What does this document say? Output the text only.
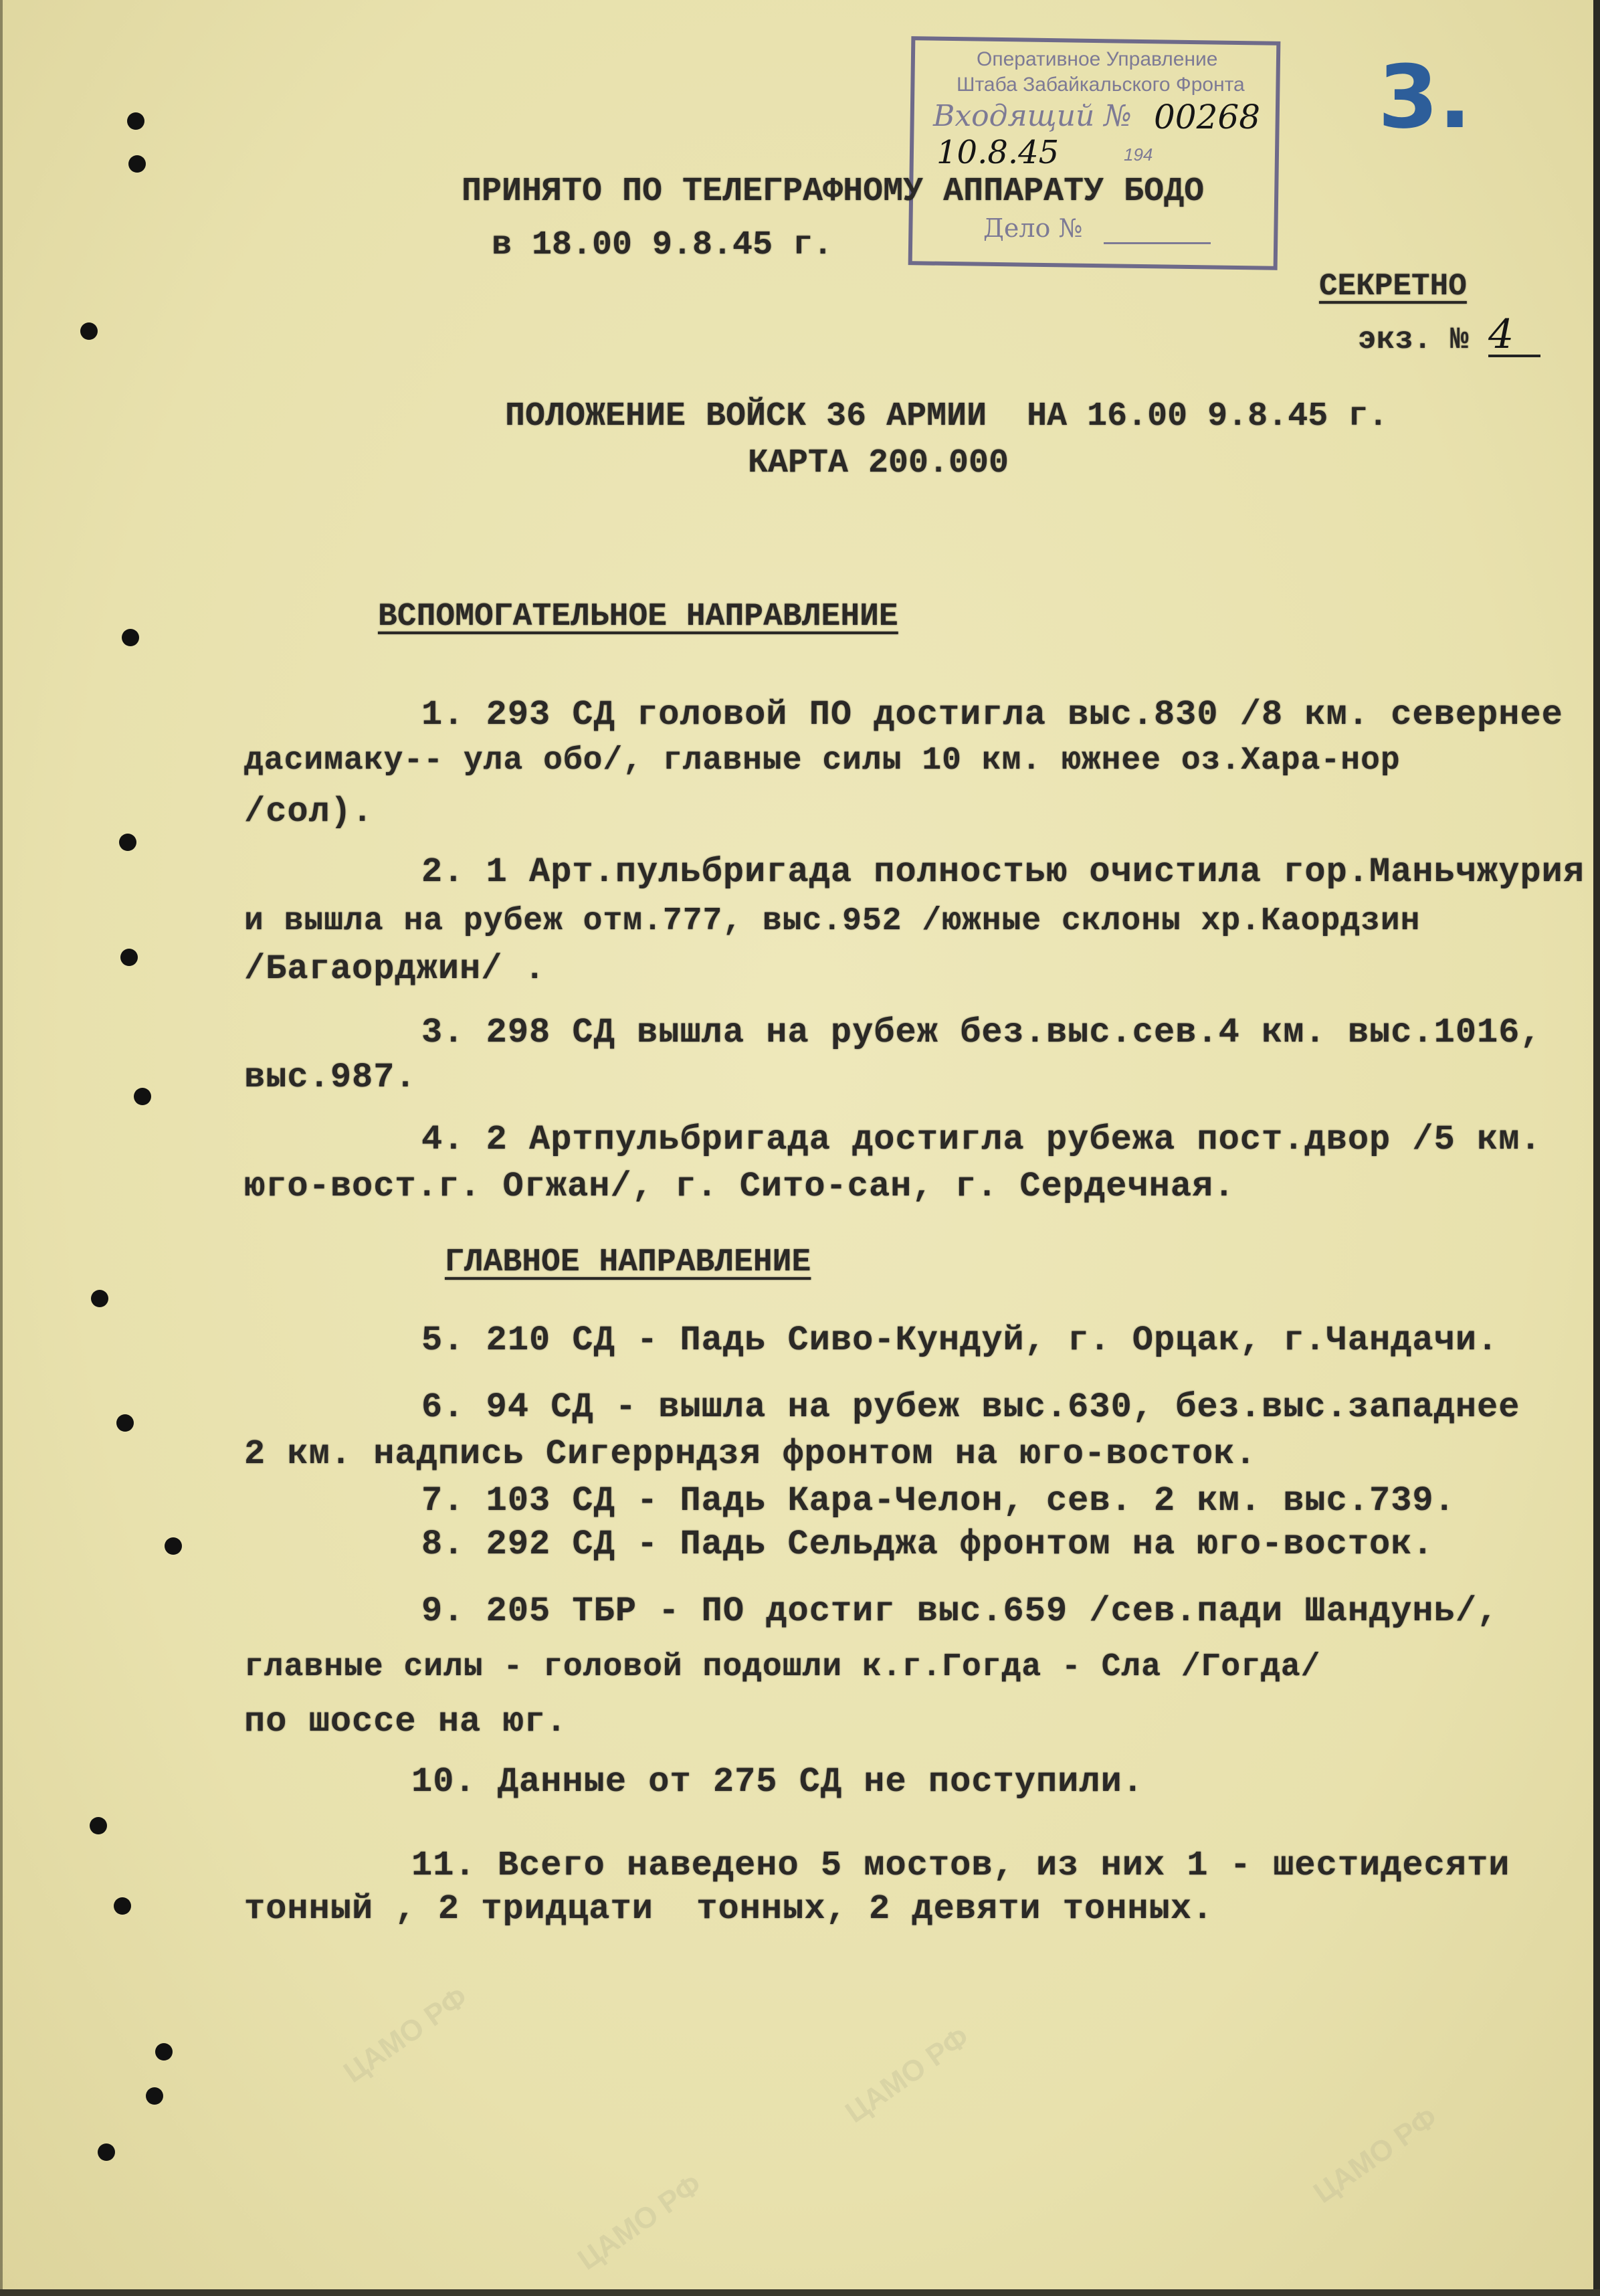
ЦАМО РФ	ЦАМО РФ
ЦАМО РФ
ЦАМО РФ
Оперативное Управление
Штаба Забайкальского Фронта
Входящий № 00268
10.8.45	194
Дело №
3.
ПРИНЯТО ПО ТЕЛЕГРАФНОМУ АППАРАТУ БОДО
в 18.00 9.8.45 г.
СЕКРЕТНО
экз. № 4
ПОЛОЖЕНИЕ ВОЙСК 36 АРМИИ  НА 16.00 9.8.45 г.
КАРТА 200.000
ВСПОМОГАТЕЛЬНОЕ НАПРАВЛЕНИЕ
1. 293 СД головой ПО достигла выс.830 /8 км. севернее
дасимаку-- ула обо/, главные силы 10 км. южнее оз.Хара-нор
/сол).
2. 1 Арт.пульбригада полностью очистила гор.Маньчжурия
и вышла на рубеж отм.777, выс.952 /южные склоны хр.Каордзин
/Багаорджин/ .
3. 298 СД вышла на рубеж без.выс.сев.4 км. выс.1016,
выс.987.
4. 2 Артпульбригада достигла рубежа пост.двор /5 км.
юго-вост.г. Огжан/, г. Сито-сан, г. Сердечная.
ГЛАВНОЕ НАПРАВЛЕНИЕ
5. 210 СД - Падь Сиво-Кундуй, г. Орцак, г.Чандачи.
6. 94 СД - вышла на рубеж выс.630, без.выс.западнее
2 км. надпись Сигеррндзя фронтом на юго-восток.
7. 103 СД - Падь Кара-Челон, сев. 2 км. выс.739.
8. 292 СД - Падь Сельджа фронтом на юго-восток.
9. 205 ТБР - ПО достиг выс.659 /сев.пади Шандунь/,
главные силы - головой подошли к.г.Гогда - Сла /Гогда/
по шоссе на юг.
10. Данные от 275 СД не поступили.
11. Всего наведено 5 мостов, из них 1 - шестидесяти
тонный , 2 тридцати  тонных, 2 девяти тонных.
